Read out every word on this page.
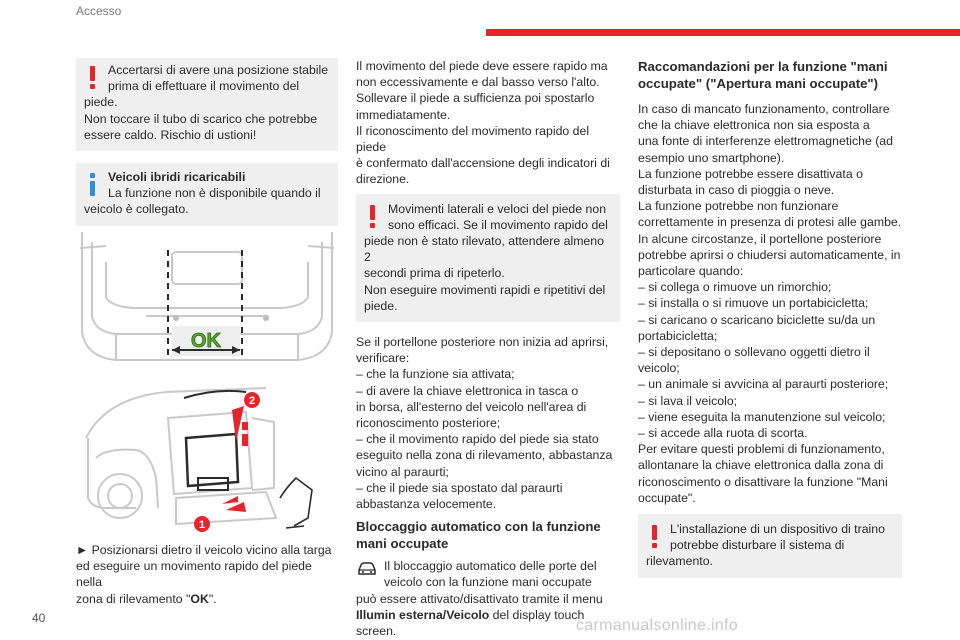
Accesso
Accertarsi di avere una posizione stabile
prima di effettuare il movimento del
piede.
Non toccare il tubo di scarico che potrebbe
essere caldo. Rischio di ustioni!
Veicoli ibridi ricaricabili
La funzione non è disponibile quando il
veicolo è collegato.
OK
2
1
► Posizionarsi dietro il veicolo vicino alla targa
ed eseguire un movimento rapido del piede nella
zona di rilevamento "OK".

Il movimento del piede deve essere rapido ma
non eccessivamente e dal basso verso l'alto.
Sollevare il piede a sufficienza poi spostarlo
immediatamente.
Il riconoscimento del movimento rapido del piede
è confermato dall'accensione degli indicatori di
direzione.

Movimenti laterali e veloci del piede non
sono efficaci. Se il movimento rapido del
piede non è stato rilevato, attendere almeno 2
secondi prima di ripeterlo.
Non eseguire movimenti rapidi e ripetitivi del
piede.

Se il portellone posteriore non inizia ad aprirsi,
verificare:
– che la funzione sia attivata;
– di avere la chiave elettronica in tasca o
in borsa, all'esterno del veicolo nell'area di
riconoscimento posteriore;
– che il movimento rapido del piede sia stato
eseguito nella zona di rilevamento, abbastanza
vicino al paraurti;
– che il piede sia spostato dal paraurti
abbastanza velocemente.

Bloccaggio automatico con la funzione
mani occupate
Il bloccaggio automatico delle porte del
veicolo con la funzione mani occupate
può essere attivato/disattivato tramite il menu
Illumin esterna/Veicolo del display touch
screen.
Raccomandazioni per la funzione "mani
occupate" ("Apertura mani occupate")

In caso di mancato funzionamento, controllare
che la chiave elettronica non sia esposta a
una fonte di interferenze elettromagnetiche (ad
esempio uno smartphone).
La funzione potrebbe essere disattivata o
disturbata in caso di pioggia o neve.
La funzione potrebbe non funzionare
correttamente in presenza di protesi alle gambe.
In alcune circostanze, il portellone posteriore
potrebbe aprirsi o chiudersi automaticamente, in
particolare quando:
– si collega o rimuove un rimorchio;
– si installa o si rimuove un portabicicletta;
– si caricano o scaricano biciclette su/da un
portabicicletta;
– si depositano o sollevano oggetti dietro il
veicolo;
– un animale si avvicina al paraurti posteriore;
– si lava il veicolo;
– viene eseguita la manutenzione sul veicolo;
– si accede alla ruota di scorta.
Per evitare questi problemi di funzionamento,
allontanare la chiave elettronica dalla zona di
riconoscimento o disattivare la funzione "Mani
occupate".

L'installazione di un dispositivo di traino
potrebbe disturbare il sistema di
rilevamento.
40	carmanualsonline.info
